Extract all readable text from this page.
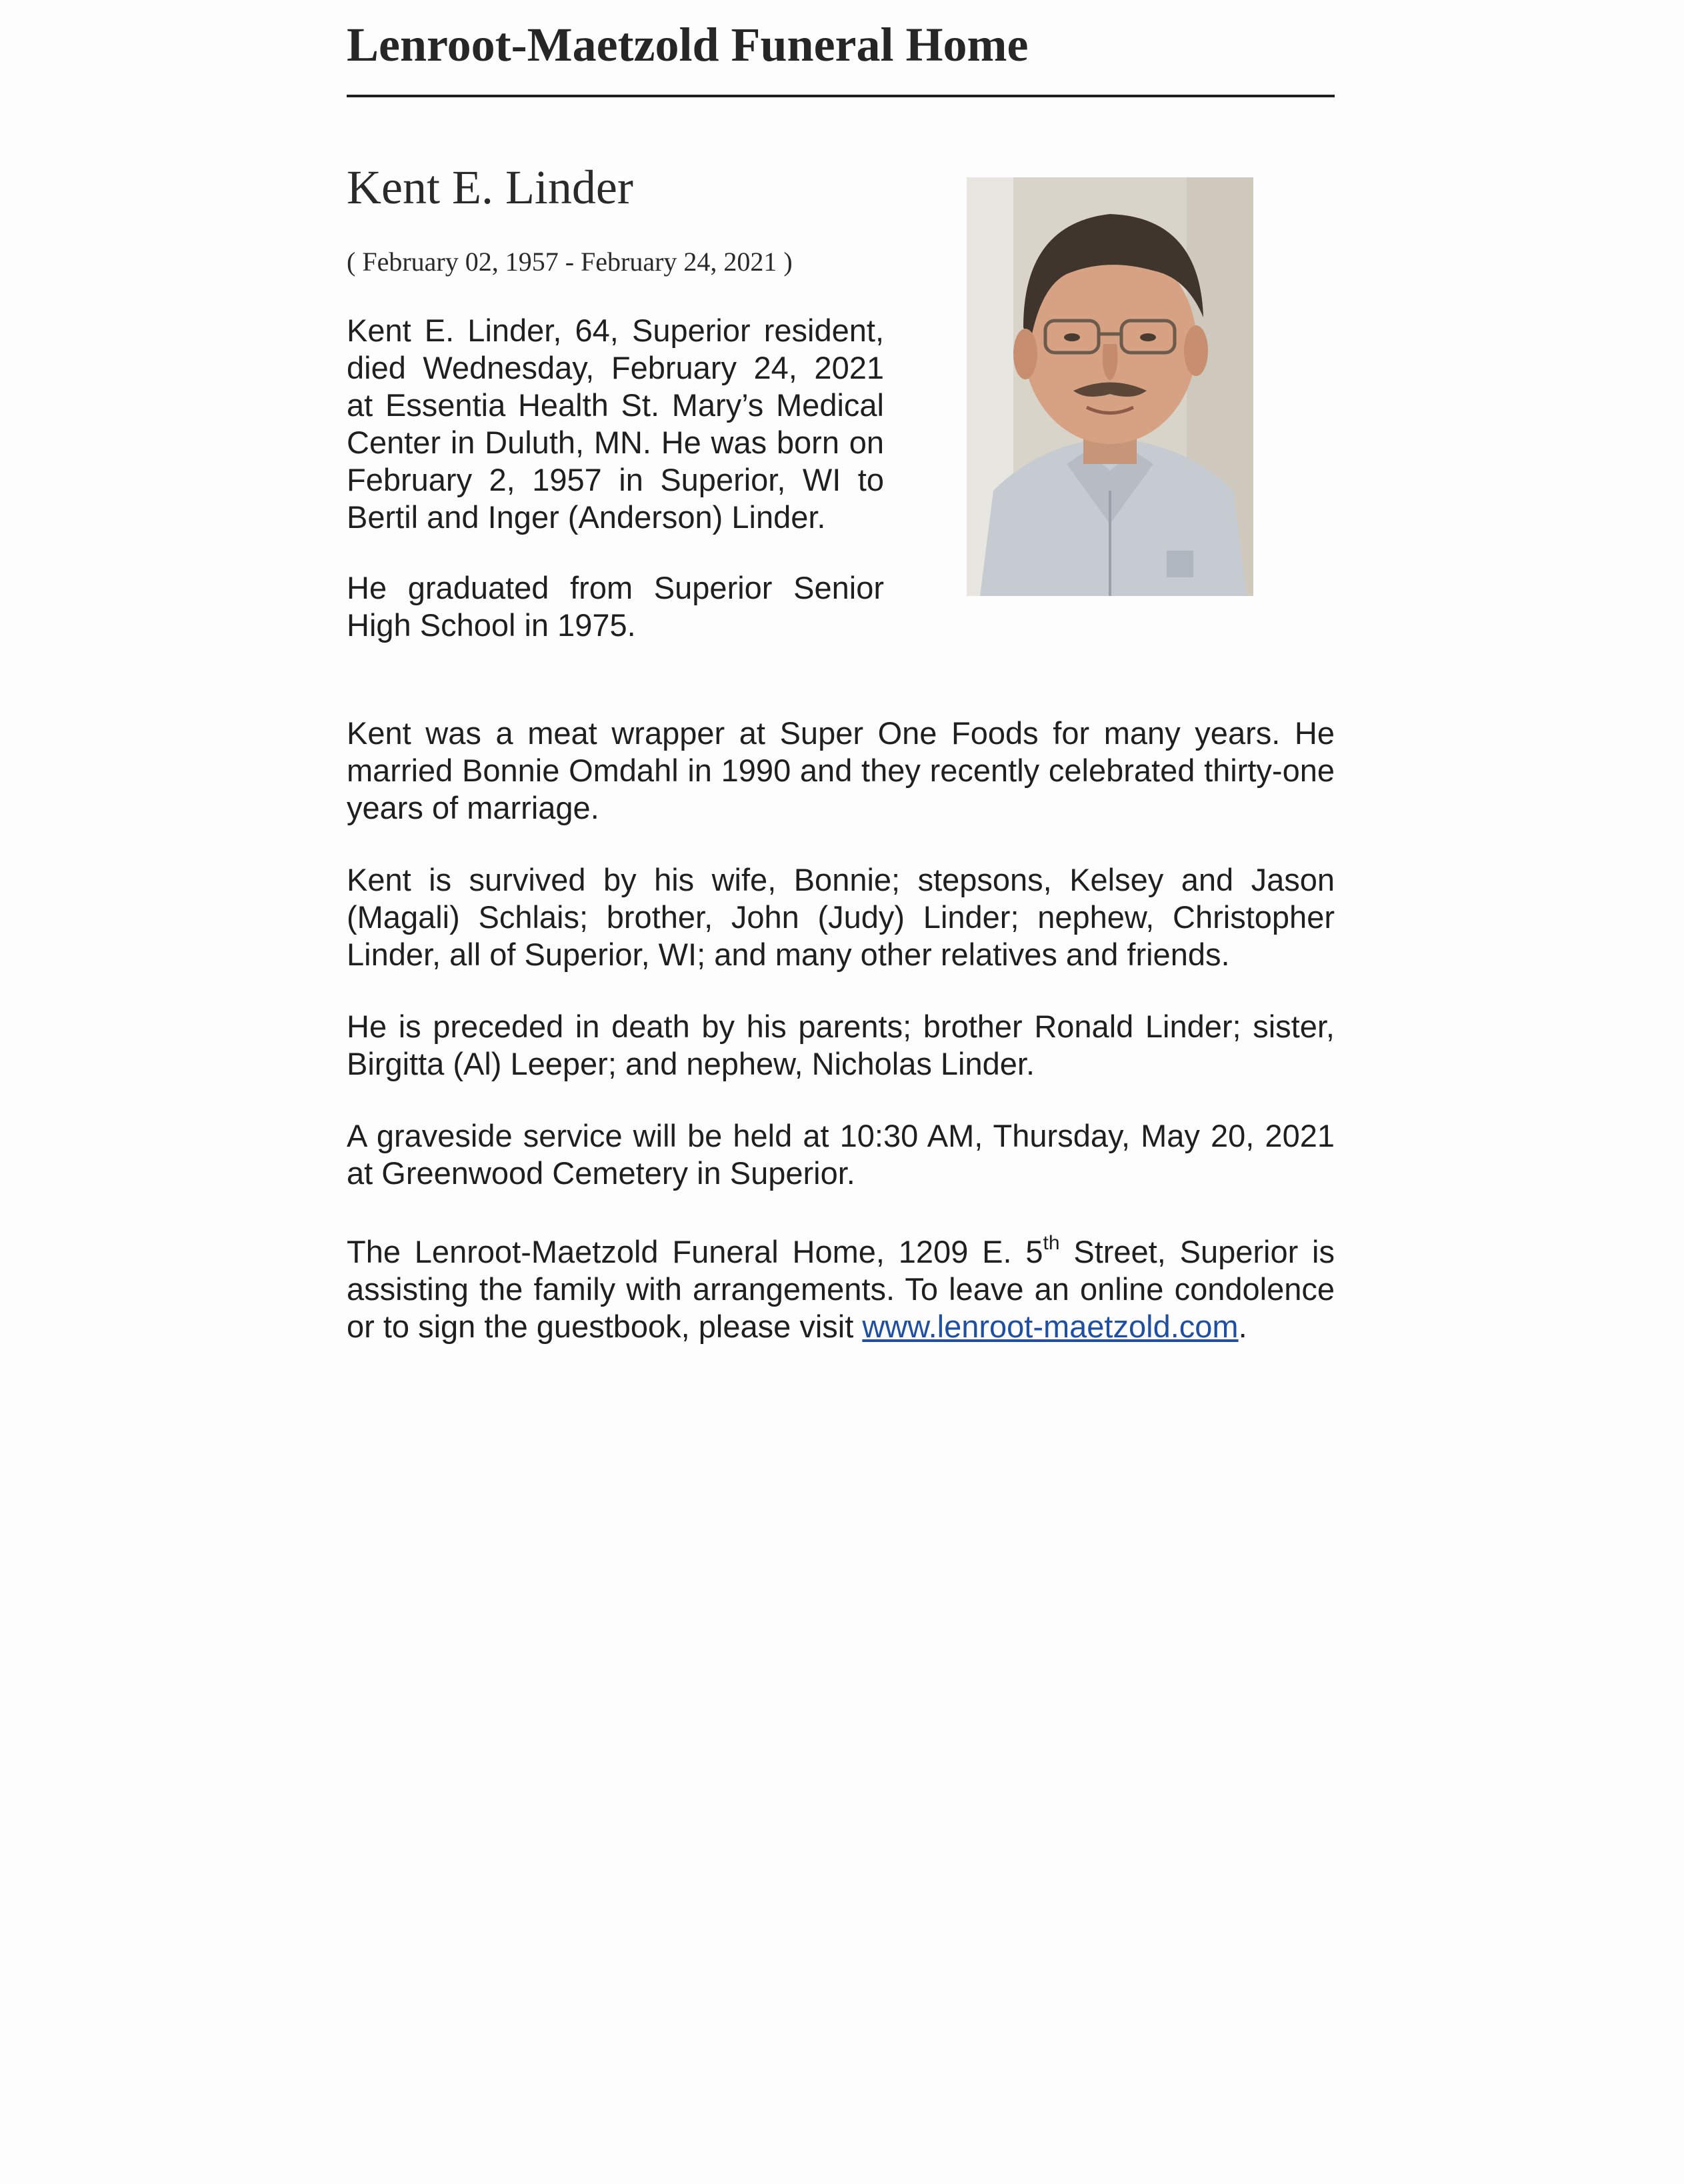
Lenroot-Maetzold Funeral Home
Kent E. Linder
( February 02, 1957 - February 24, 2021 )

Kent E. Linder, 64, Superior resident, died Wednesday, February 24, 2021 at Essentia Health St. Mary’s Medical Center in Duluth, MN. He was born on February 2, 1957 in Superior, WI to Bertil and Inger (Anderson) Linder.

He graduated from Superior Senior High School in 1975.

Kent was a meat wrapper at Super One Foods for many years. He married Bonnie Omdahl in 1990 and they recently celebrated thirty-one years of marriage.

Kent is survived by his wife, Bonnie; stepsons, Kelsey and Jason (Magali) Schlais; brother, John (Judy) Linder; nephew, Christopher Linder, all of Superior, WI; and many other relatives and friends.

He is preceded in death by his parents; brother Ronald Linder; sister, Birgitta (Al) Leeper; and nephew, Nicholas Linder.

A graveside service will be held at 10:30 AM, Thursday, May 20, 2021 at Greenwood Cemetery in Superior.

The Lenroot-Maetzold Funeral Home, 1209 E. 5th Street, Superior is assisting the family with arrangements. To leave an online condolence or to sign the guestbook, please visit www.lenroot-maetzold.com.
